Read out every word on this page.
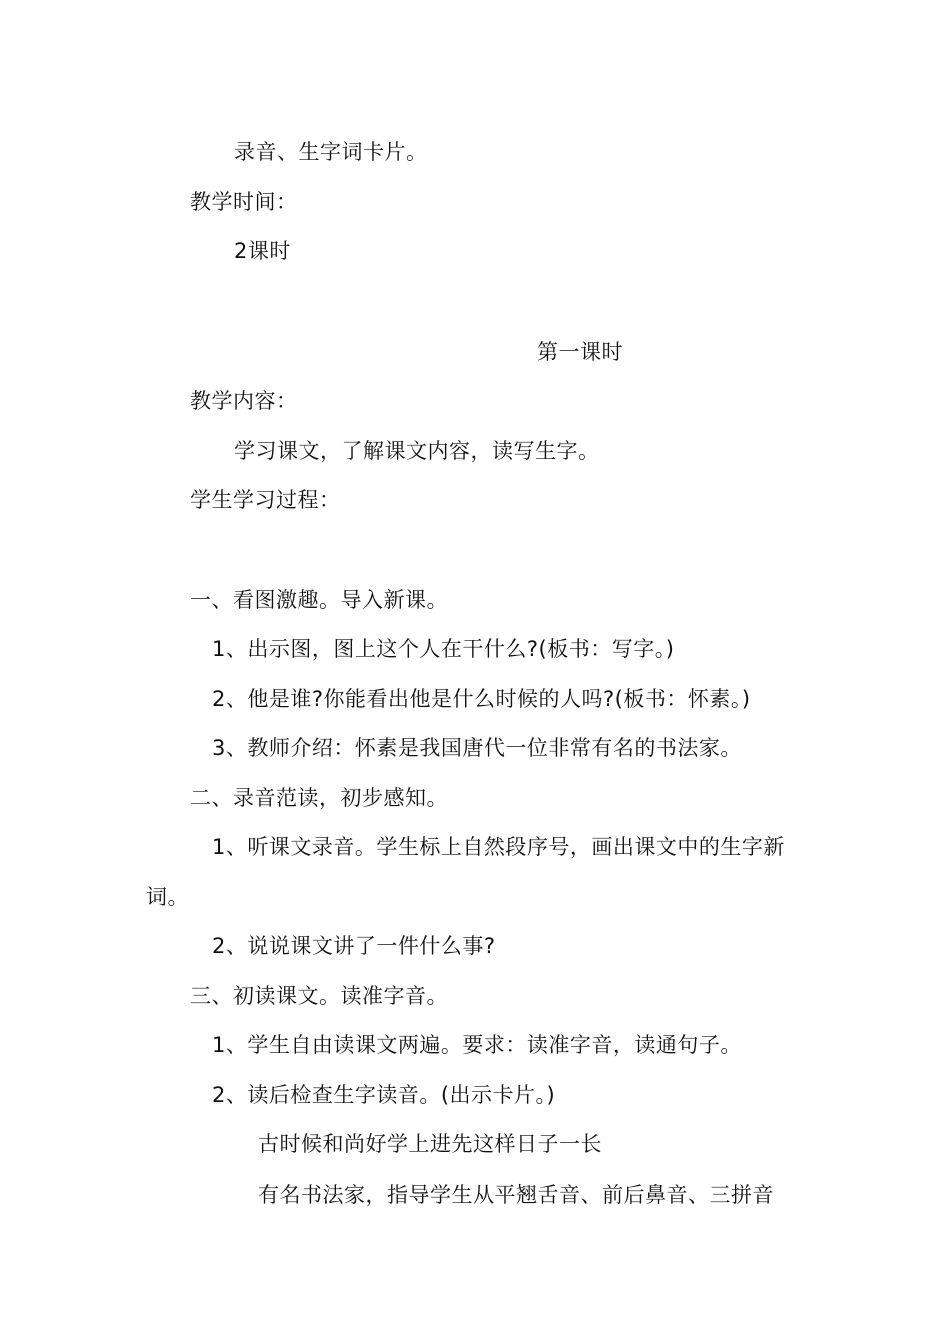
录音、生字词卡片。
教学时间：
2课时
第一课时
教学内容：
学习课文，了解课文内容，读写生字。
学生学习过程：
一、看图激趣。导入新课。
1、出示图，图上这个人在干什么?(板书：写字。)
2、他是谁?你能看出他是什么时候的人吗?(板书：怀素。)
3、教师介绍：怀素是我国唐代一位非常有名的书法家。
二、录音范读，初步感知。
1、听课文录音。学生标上自然段序号，画出课文中的生字新
词。
2、说说课文讲了一件什么事?
三、初读课文。读准字音。
1、学生自由读课文两遍。要求：读准字音，读通句子。
2、读后检查生字读音。(出示卡片。)
古时候和尚好学上进先这样日子一长
有名书法家，指导学生从平翘舌音、前后鼻音、三拼音
